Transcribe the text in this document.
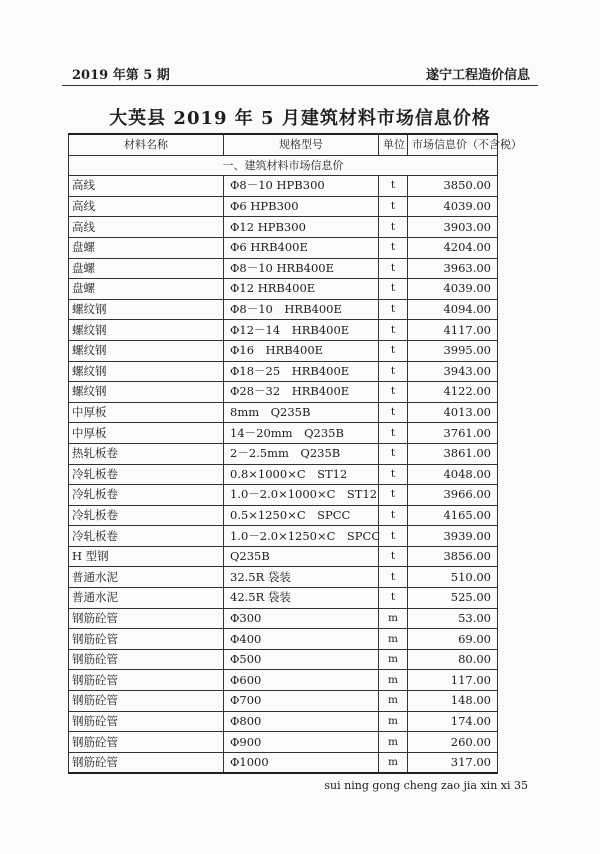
2019 年第 5 期	遂宁工程造价信息
大英县 2019 年 5 月建筑材料市场信息价格
材料名称	规格型号	单位	市场信息价（不含税）
一、建筑材料市场信息价			
高线	Φ8－10 HPB300	t	3850.00
高线	Φ6 HPB300	t	4039.00
高线	Φ12 HPB300	t	3903.00
盘螺	Φ6 HRB400E	t	4204.00
盘螺	Φ8－10 HRB400E	t	3963.00
盘螺	Φ12 HRB400E	t	4039.00
螺纹钢	Φ8－10　HRB400E	t	4094.00
螺纹钢	Φ12－14　HRB400E	t	4117.00
螺纹钢	Φ16　HRB400E	t	3995.00
螺纹钢	Φ18－25　HRB400E	t	3943.00
螺纹钢	Φ28－32　HRB400E	t	4122.00
中厚板	8mm　Q235B	t	4013.00
中厚板	14－20mm　Q235B	t	3761.00
热轧板卷	2－2.5mm　Q235B	t	3861.00
冷轧板卷	0.8×1000×C　ST12	t	4048.00
冷轧板卷	1.0－2.0×1000×C　ST12	t	3966.00
冷轧板卷	0.5×1250×C　SPCC	t	4165.00
冷轧板卷	1.0－2.0×1250×C　SPCC	t	3939.00
H 型钢	Q235B	t	3856.00
普通水泥	32.5R 袋装	t	510.00
普通水泥	42.5R 袋装	t	525.00
钢筋砼管	Φ300	m	53.00
钢筋砼管	Φ400	m	69.00
钢筋砼管	Φ500	m	80.00
钢筋砼管	Φ600	m	117.00
钢筋砼管	Φ700	m	148.00
钢筋砼管	Φ800	m	174.00
钢筋砼管	Φ900	m	260.00
钢筋砼管	Φ1000	m	317.00
sui ning gong cheng zao jia xin xi 35
